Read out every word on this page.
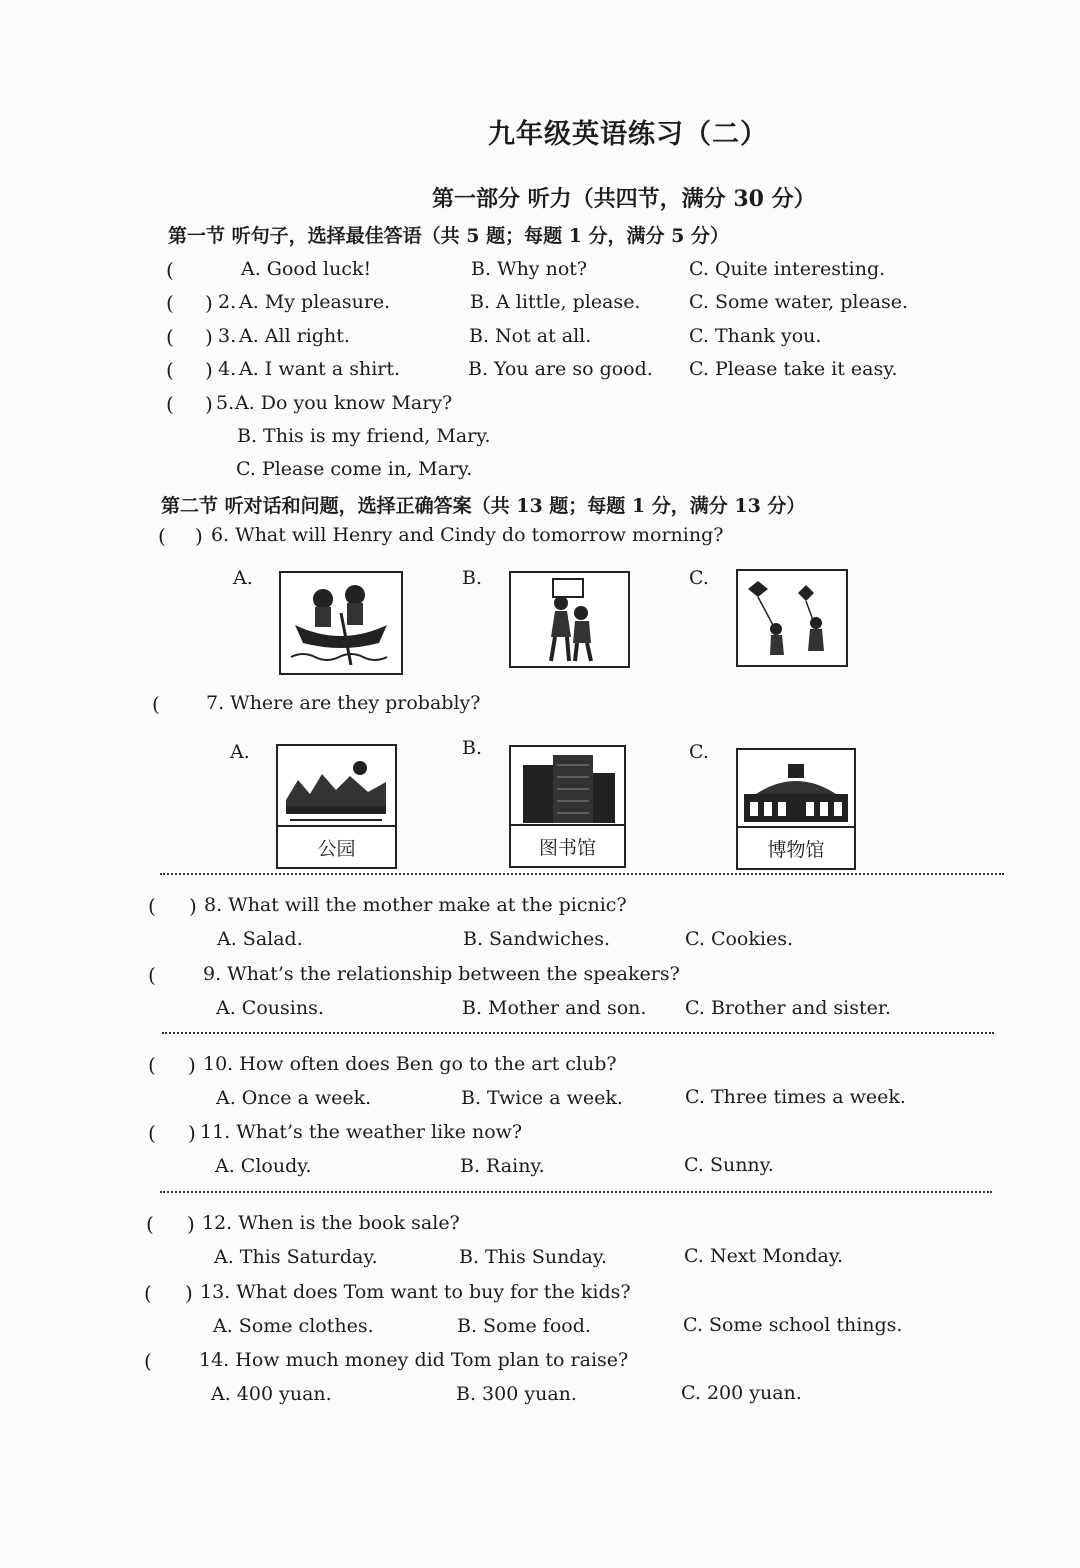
九年级英语练习（二）
第一部分 听力（共四节，满分 30 分）
第一节 听句子，选择最佳答语（共 5 题；每题 1 分，满分 5 分）
(	A. Good luck!	B. Why not?	C. Quite interesting.
( ) 2. A. My pleasure.	B. A little, please.	C. Some water, please.
( ) 3. A. All right.	B. Not at all.	C. Thank you.
( ) 4. A. I want a shirt.	B. You are so good. C. Please take it easy.
( ) 5. A. Do you know Mary?
B. This is my friend, Mary.
C. Please come in, Mary.
第二节 听对话和问题，选择正确答案（共 13 题；每题 1 分，满分 13 分）
( ) 6. What will Henry and Cindy do tomorrow morning?
A.	B.	C.
( 7. Where are they probably?
A.	B.	C.
公园	图书馆	博物馆
( ) 8. What will the mother make at the picnic?
A. Salad.	B. Sandwiches.	C. Cookies.
( 9. What’s the relationship between the speakers?
A. Cousins.	B. Mother and son. C. Brother and sister.
( ) 10. How often does Ben go to the art club?
A. Once a week.	B. Twice a week.	C. Three times a week.
( ) 11. What’s the weather like now?
A. Cloudy.	B. Rainy.	C. Sunny.
( ) 12. When is the book sale?
A. This Saturday.	B. This Sunday.	C. Next Monday.
( ) 13. What does Tom want to buy for the kids?
A. Some clothes.	B. Some food.	C. Some school things.
( 14. How much money did Tom plan to raise?
A. 400 yuan.	B. 300 yuan.	C. 200 yuan.
